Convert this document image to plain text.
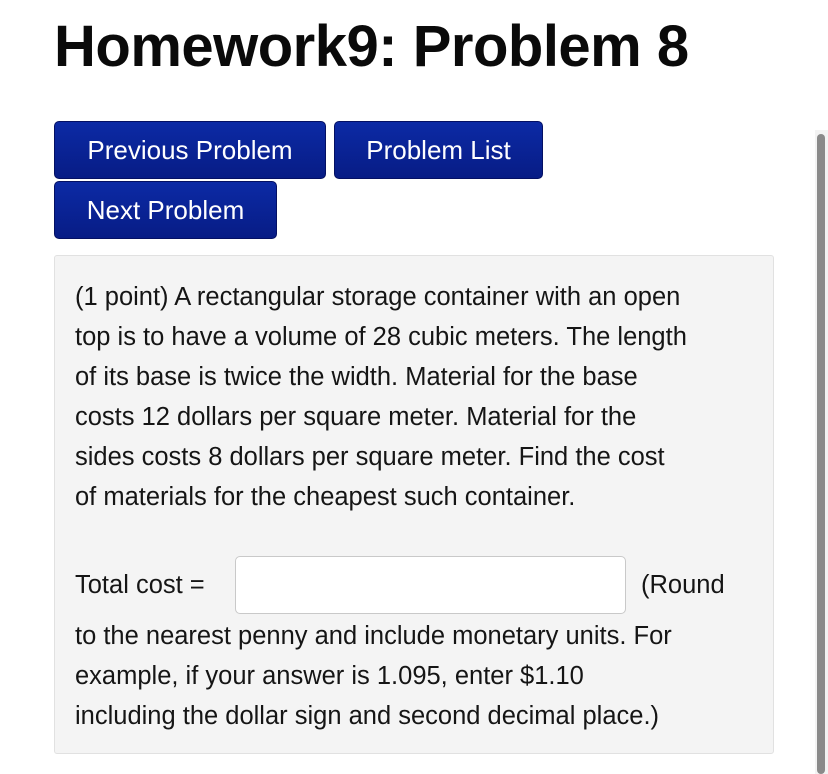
Homework9: Problem 8
Previous Problem	Problem List
Next Problem

(1 point) A rectangular storage container with an open
top is to have a volume of 28 cubic meters. The length
of its base is twice the width. Material for the base
costs 12 dollars per square meter. Material for the
sides costs 8 dollars per square meter. Find the cost
of materials for the cheapest such container.

Total cost =	(Round

to the nearest penny and include monetary units. For
example, if your answer is 1.095, enter $1.10
including the dollar sign and second decimal place.)
